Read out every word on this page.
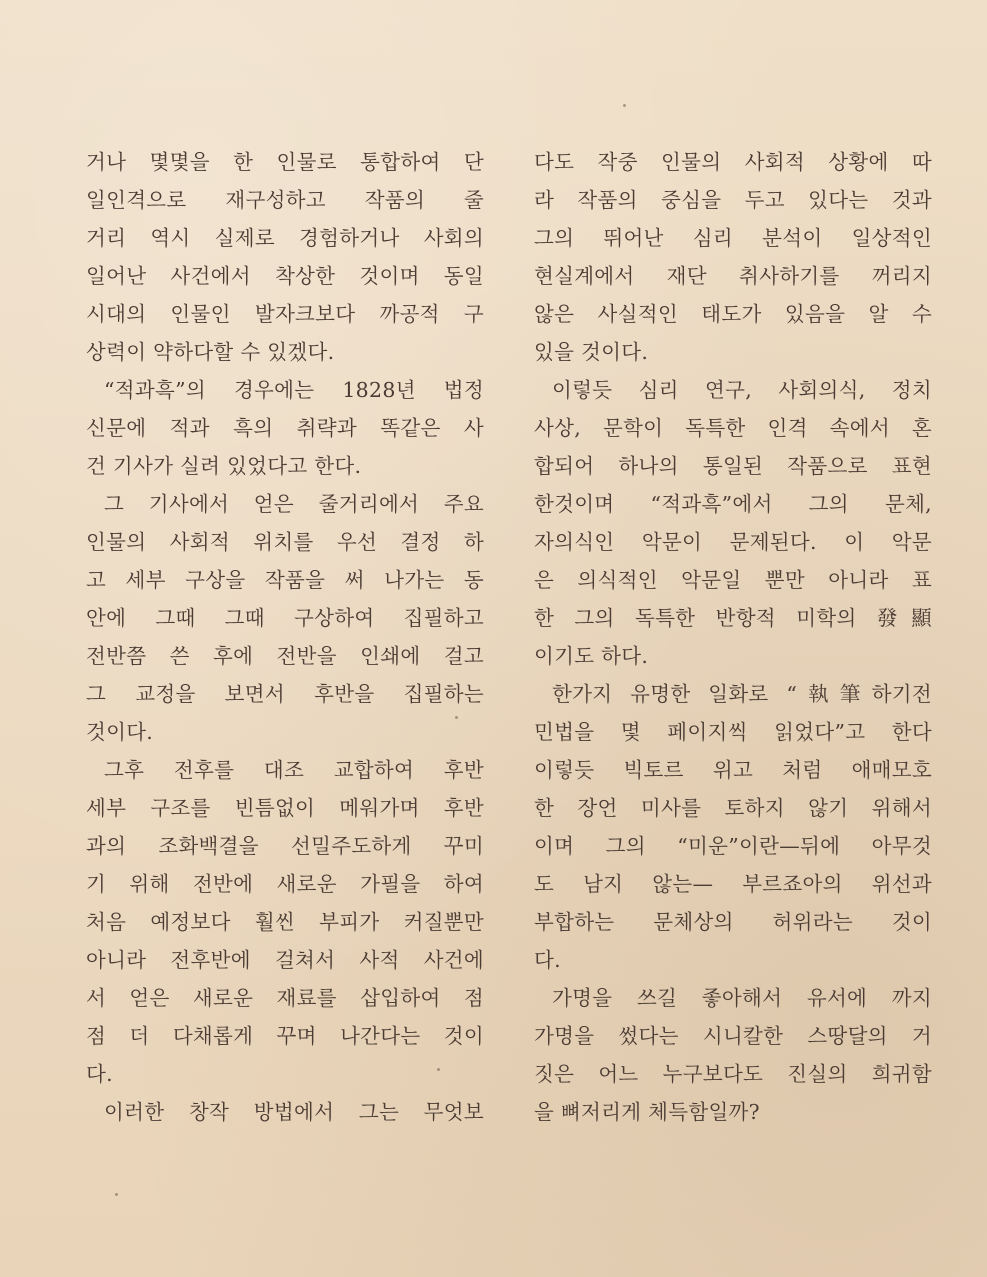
거나 몇몇을 한 인물로 통합하여 단
일인격으로 재구성하고 작품의 줄
거리 역시 실제로 경험하거나 사회의
일어난 사건에서 착상한 것이며 동일
시대의 인물인 발자크보다 까공적 구
상력이 약하다할 수 있겠다.
“적과흑”의 경우에는 1828년 법정
신문에 적과 흑의 취략과 똑같은 사
건 기사가 실려 있었다고 한다.
그 기사에서 얻은 줄거리에서 주요
인물의 사회적 위치를 우선 결정 하
고 세부 구상을 작품을 써 나가는 동
안에 그때 그때 구상하여 집필하고
전반쯤 쓴 후에 전반을 인쇄에 걸고
그 교정을 보면서 후반을 집필하는
것이다.
그후 전후를 대조 교합하여 후반
세부 구조를 빈틈없이 메워가며 후반
과의 조화백결을 선밀주도하게 꾸미
기 위해 전반에 새로운 가필을 하여
처음 예정보다 훨씬 부피가 커질뿐만
아니라 전후반에 걸쳐서 사적 사건에
서 얻은 새로운 재료를 삽입하여 점
점 더 다채롭게 꾸며 나간다는 것이
다.
이러한 창작 방법에서 그는 무엇보
다도 작중 인물의 사회적 상황에 따
라 작품의 중심을 두고 있다는 것과
그의 뛰어난 심리 분석이 일상적인
현실계에서 재단 취사하기를 꺼리지
않은 사실적인 태도가 있음을 알 수
있을 것이다.
이렇듯 심리 연구, 사회의식, 정치
사상, 문학이 독특한 인격 속에서 혼
합되어 하나의 통일된 작품으로 표현
한것이며 “적과흑”에서 그의 문체,
자의식인 악문이 문제된다. 이 악문
은 의식적인 악문일 뿐만 아니라 표
한 그의 독특한 반항적 미학의 發顯
이기도 하다.
한가지 유명한 일화로 “執筆하기전
민법을 몇 페이지씩 읽었다”고 한다
이렇듯 빅토르 위고 처럼 애매모호
한 장언 미사를 토하지 않기 위해서
이며 그의 “미운”이란—뒤에 아무것
도 남지 않는— 부르죠아의 위선과
부합하는 문체상의 허위라는 것이
다.
가명을 쓰길 좋아해서 유서에 까지
가명을 썼다는 시니칼한 스땅달의 거
짓은 어느 누구보다도 진실의 희귀함
을 뼈저리게 체득함일까?
